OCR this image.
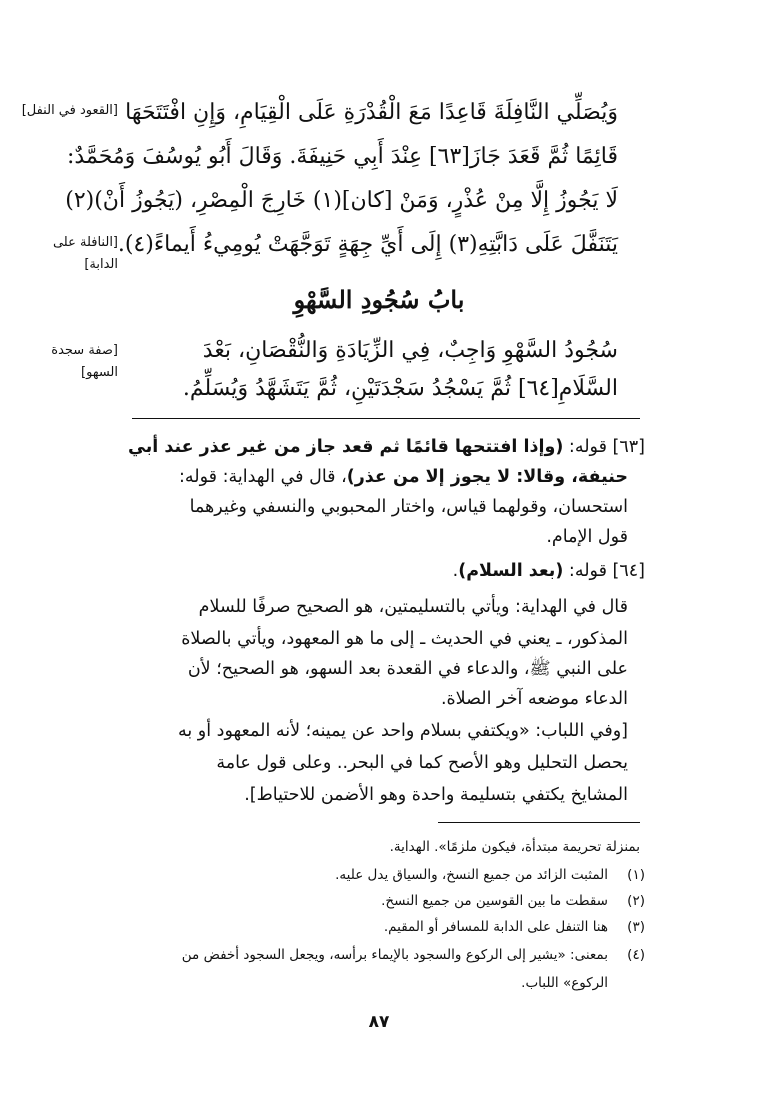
[القعود في النفل]
[النافلة على الدابة]
[صفة سجدة السهو]
وَيُصَلِّي النَّافِلَةَ قَاعِدًا مَعَ الْقُدْرَةِ عَلَى الْقِيَامِ، وَإِنِ افْتَتَحَهَا
قَائِمًا ثُمَّ قَعَدَ جَازَ[٦٣] عِنْدَ أَبِي حَنِيفَةَ. وَقَالَ أَبُو يُوسُفَ وَمُحَمَّدٌ:
لَا يَجُوزُ إِلَّا مِنْ عُذْرٍ، وَمَنْ [كان](١) خَارِجَ الْمِصْرِ، (يَجُوزُ أَنْ)(٢)
يَتَنَفَّلَ عَلَى دَابَّتِهِ(٣) إِلَى أَيِّ جِهَةٍ تَوَجَّهَتْ يُومِيءُ أَيماءً(٤).
بابُ سُجُودِ السَّهْوِ
سُجُودُ السَّهْوِ وَاجِبٌ، فِي الزِّيَادَةِ وَالنُّقْصَانِ، بَعْدَ
السَّلَامِ[٦٤] ثُمَّ يَسْجُدُ سَجْدَتَيْنِ، ثُمَّ يَتَشَهَّدُ وَيُسَلِّمُ.
[٦٣] قوله: (وإذا افتتحها قائمًا ثم قعد جاز من غير عذر عند أبي
حنيفة، وقالا: لا يجوز إلا من عذر)، قال في الهداية: قوله:
استحسان، وقولهما قياس، واختار المحبوبي والنسفي وغيرهما
قول الإمام.
[٦٤] قوله: (بعد السلام).
قال في الهداية: ويأتي بالتسليمتين، هو الصحيح صرفًا للسلام
المذكور، ـ يعني في الحديث ـ إلى ما هو المعهود، ويأتي بالصلاة
على النبي ﷺ، والدعاء في القعدة بعد السهو، هو الصحيح؛ لأن
الدعاء موضعه آخر الصلاة.
[وفي اللباب: «ويكتفي بسلام واحد عن يمينه؛ لأنه المعهود أو به
يحصل التحليل وهو الأصح كما في البحر.. وعلى قول عامة
المشايخ يكتفي بتسليمة واحدة وهو الأضمن للاحتياط].
بمنزلة تحريمة مبتدأة، فيكون ملزمًا». الهداية.
(١)
المثبت الزائد من جميع النسخ، والسياق يدل عليه.
(٢)
سقطت ما بين القوسين من جميع النسخ.
(٣)
هنا التنفل على الدابة للمسافر أو المقيم.
(٤)
بمعنى: «يشير إلى الركوع والسجود بالإيماء برأسه، ويجعل السجود أخفض من
الركوع» اللباب.
٨٧
